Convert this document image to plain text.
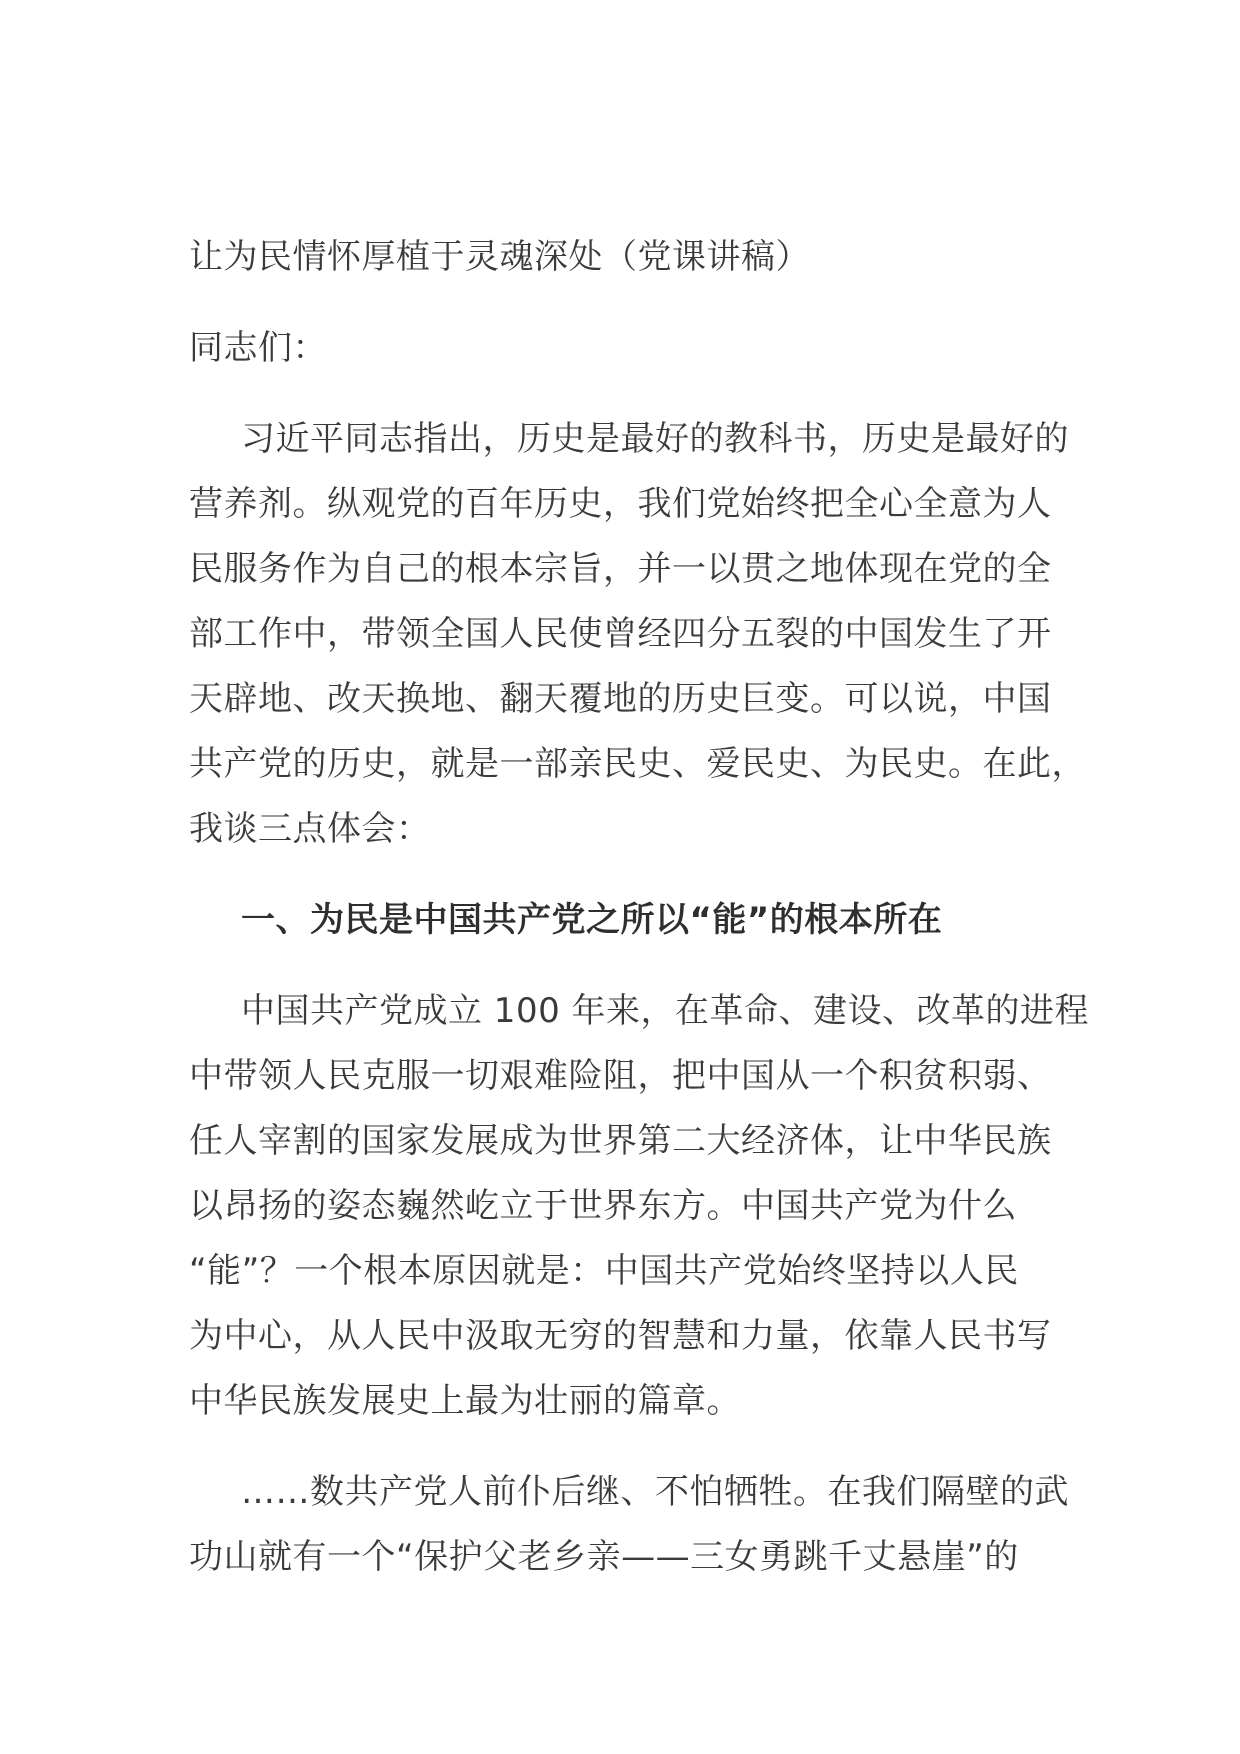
让为民情怀厚植于灵魂深处（党课讲稿）
同志们：
习近平同志指出，历史是最好的教科书，历史是最好的
营养剂。纵观党的百年历史，我们党始终把全心全意为人
民服务作为自己的根本宗旨，并一以贯之地体现在党的全
部工作中，带领全国人民使曾经四分五裂的中国发生了开
天辟地、改天换地、翻天覆地的历史巨变。可以说，中国
共产党的历史，就是一部亲民史、爱民史、为民史。在此，
我谈三点体会：
一、为民是中国共产党之所以“能”的根本所在
中国共产党成立 100 年来，在革命、建设、改革的进程
中带领人民克服一切艰难险阻，把中国从一个积贫积弱、
任人宰割的国家发展成为世界第二大经济体，让中华民族
以昂扬的姿态巍然屹立于世界东方。中国共产党为什么
“能”？一个根本原因就是：中国共产党始终坚持以人民
为中心，从人民中汲取无穷的智慧和力量，依靠人民书写
中华民族发展史上最为壮丽的篇章。
……数共产党人前仆后继、不怕牺牲。在我们隔壁的武
功山就有一个“保护父老乡亲——三女勇跳千丈悬崖”的
